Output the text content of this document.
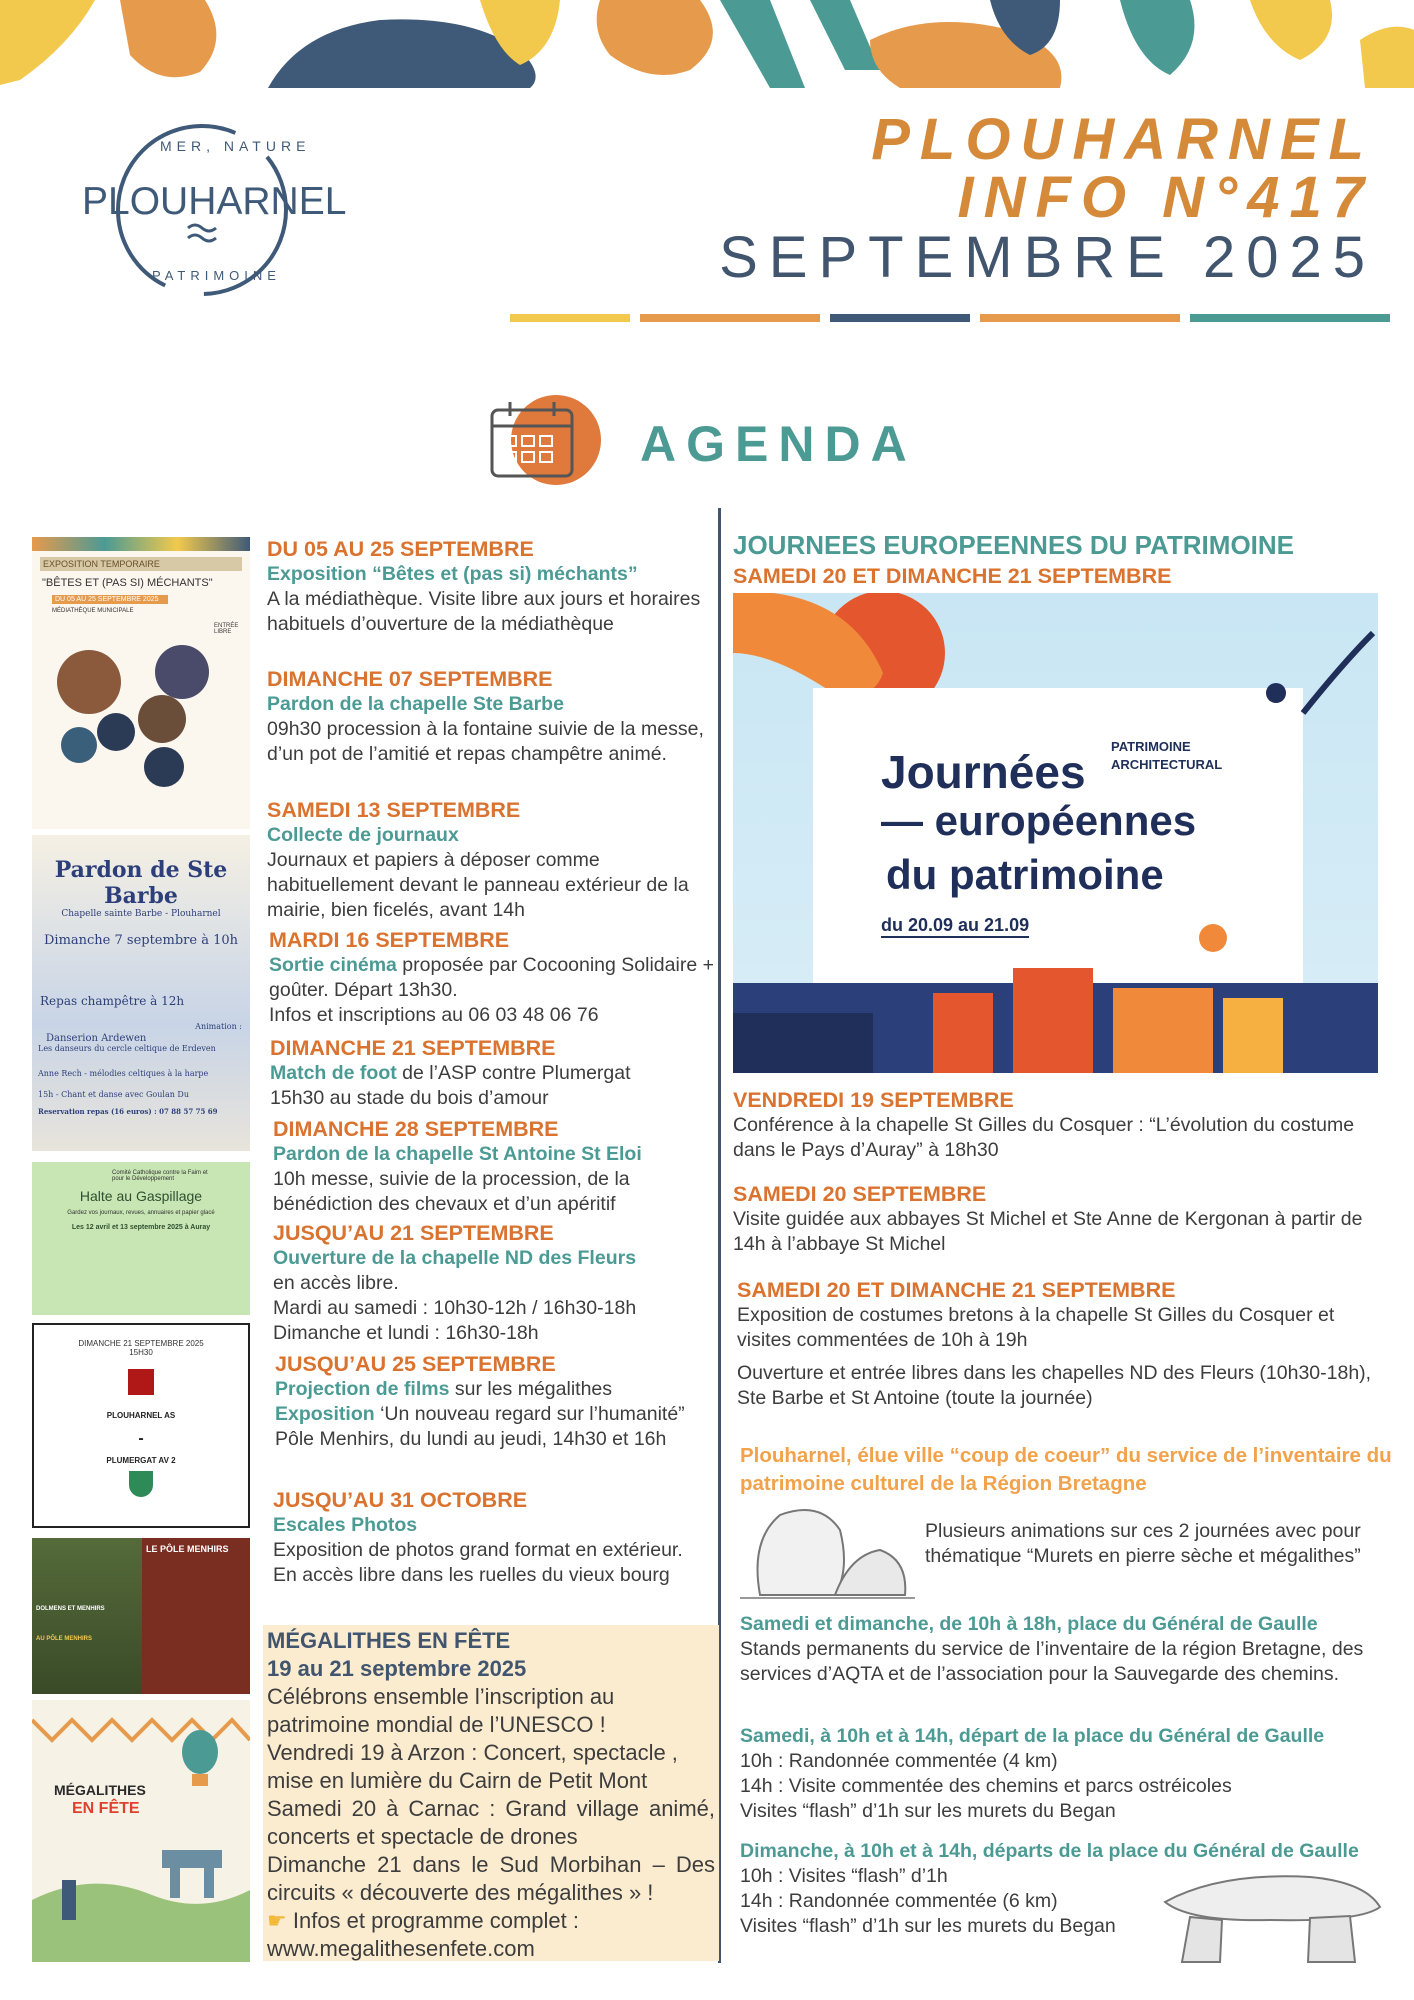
MER, NATURE
PLOUHARNEL
PATRIMOINE
PLOUHARNEL
INFO N°417
SEPTEMBRE 2025
AGENDA
EXPOSITION TEMPORAIRE
"BÊTES ET (PAS SI) MÉCHANTS"
DU 05 AU 25 SEPTEMBRE 2025
MÉDIATHÈQUE MUNICIPALE
ENTRÉE LIBRE
Pardon de Ste Barbe
Chapelle sainte Barbe - Plouharnel
Dimanche 7 septembre à 10h
Repas champêtre à 12h
Animation :
Danserion Ardewen
Les danseurs du cercle celtique de Erdeven
Anne Rech - mélodies celtiques à la harpe
15h - Chant et danse avec Goulan Du
Reservation repas (16 euros) : 07 88 57 75 69
Comité Catholique contre la Faim et pour le Développement
Halte au Gaspillage
Gardez vos journaux, revues, annuaires et papier glacé
Les 12 avril et 13 septembre 2025 à Auray
DIMANCHE 21 SEPTEMBRE 2025
15H30
PLOUHARNEL AS
-
PLUMERGAT AV 2
LE PÔLE MENHIRS
DOLMENS ET MENHIRS
AU PÔLE MENHIRS
MÉGALITHES
EN FÊTE

DU 05 AU 25 SEPTEMBRE

Exposition “Bêtes et (pas si) méchants”

A la médiathèque. Visite libre aux jours et horaires habituels d’ouverture de la médiathèque

DIMANCHE 07 SEPTEMBRE

Pardon de la chapelle Ste Barbe

09h30 procession à la fontaine suivie de la messe, d’un pot de l’amitié et repas champêtre animé.

SAMEDI 13 SEPTEMBRE

Collecte de journaux

Journaux et papiers à déposer comme habituellement devant le panneau extérieur de la mairie, bien ficelés, avant 14h

MARDI 16 SEPTEMBRE

Sortie cinéma proposée par Cocooning Solidaire + goûter. Départ 13h30.

Infos et inscriptions au 06 03 48 06 76

DIMANCHE 21 SEPTEMBRE

Match de foot de l’ASP contre Plumergat

15h30 au stade du bois d’amour

DIMANCHE 28 SEPTEMBRE

Pardon de la chapelle St Antoine St Eloi

10h messe, suivie de la procession, de la bénédiction des chevaux et d’un apéritif

JUSQU’AU 21 SEPTEMBRE

Ouverture de la chapelle ND des Fleurs

en accès libre.

Mardi au samedi : 10h30-12h / 16h30-18h

Dimanche et lundi : 16h30-18h

JUSQU’AU 25 SEPTEMBRE

Projection de films sur les mégalithes

Exposition ‘Un nouveau regard sur l’humanité”

Pôle Menhirs, du lundi au jeudi, 14h30 et 16h

JUSQU’AU 31 OCTOBRE

Escales Photos

Exposition de photos grand format en extérieur.

En accès libre dans les ruelles du vieux bourg

MÉGALITHES EN FÊTE

19 au 21 septembre 2025

Célébrons ensemble l’inscription au patrimoine mondial de l’UNESCO !

Vendredi 19 à Arzon : Concert, spectacle , mise en lumière du Cairn de Petit Mont

Samedi 20 à Carnac : Grand village animé, concerts et spectacle de drones

Dimanche 21 dans le Sud Morbihan – Des circuits « découverte des mégalithes » !

☛ Infos et programme complet :

www.megalithesenfete.com

JOURNEES EUROPEENNES DU PATRIMOINE
SAMEDI 20 ET DIMANCHE 21 SEPTEMBRE
PATRIMOINE
ARCHITECTURAL
Journées
— européennes
du patrimoine
du 20.09 au 21.09

VENDREDI 19 SEPTEMBRE

Conférence à la chapelle St Gilles du Cosquer : “L’évolution du costume dans le Pays d’Auray” à 18h30

SAMEDI 20 SEPTEMBRE

Visite guidée aux abbayes St Michel et Ste Anne de Kergonan à partir de 14h à l’abbaye St Michel

SAMEDI 20 ET DIMANCHE 21 SEPTEMBRE

Exposition de costumes bretons à la chapelle St Gilles du Cosquer et visites commentées de 10h à 19h

Ouverture et entrée libres dans les chapelles ND des Fleurs (10h30-18h), Ste Barbe et St Antoine (toute la journée)

Plouharnel, élue ville “coup de coeur” du service de l’inventaire du patrimoine culturel de la Région Bretagne
Plusieurs animations sur ces 2 journées avec pour thématique “Murets en pierre sèche et mégalithes”

Samedi et dimanche, de 10h à 18h, place du Général de Gaulle

Stands permanents du service de l’inventaire de la région Bretagne, des services d’AQTA et de l’association pour la Sauvegarde des chemins.

Samedi, à 10h et à 14h, départ de la place du Général de Gaulle

10h : Randonnée commentée (4 km)

14h : Visite commentée des chemins et parcs ostréicoles

Visites “flash” d’1h sur les murets du Began

Dimanche, à 10h et à 14h, départs de la place du Général de Gaulle

10h : Visites “flash” d’1h

14h : Randonnée commentée (6 km)

Visites “flash” d’1h sur les murets du Began
